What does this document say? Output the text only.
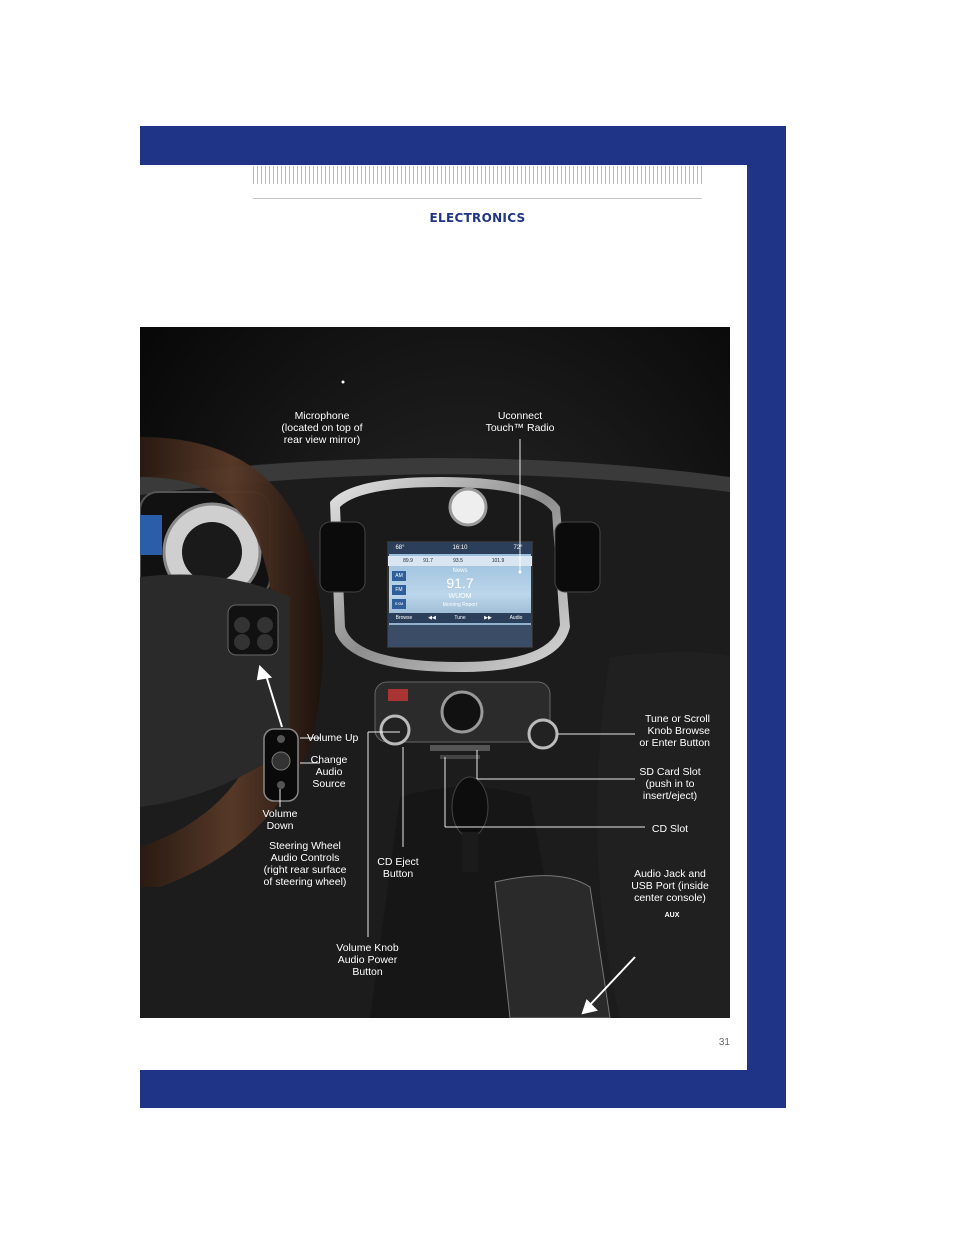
ELECTRONICS
68°	16:10	72°
89.9	91.7	93.5	101.9
AM
FM
SXM
News
91.7
WUOM
Morning Report
Browse	◀◀	Tune	▶▶	Audio
AUX
Microphone
(located on top of
rear view mirror)
Uconnect
Touch™ Radio
Volume Up
Change
Audio
Source
Volume
Down
Steering Wheel
Audio Controls
(right rear surface
of steering wheel)
CD Eject
Button
Volume Knob
Audio Power
Button
Tune or Scroll
Knob Browse
or Enter Button
SD Card Slot
(push in to
insert/eject)
CD Slot
Audio Jack and
USB Port (inside
center console)
31
